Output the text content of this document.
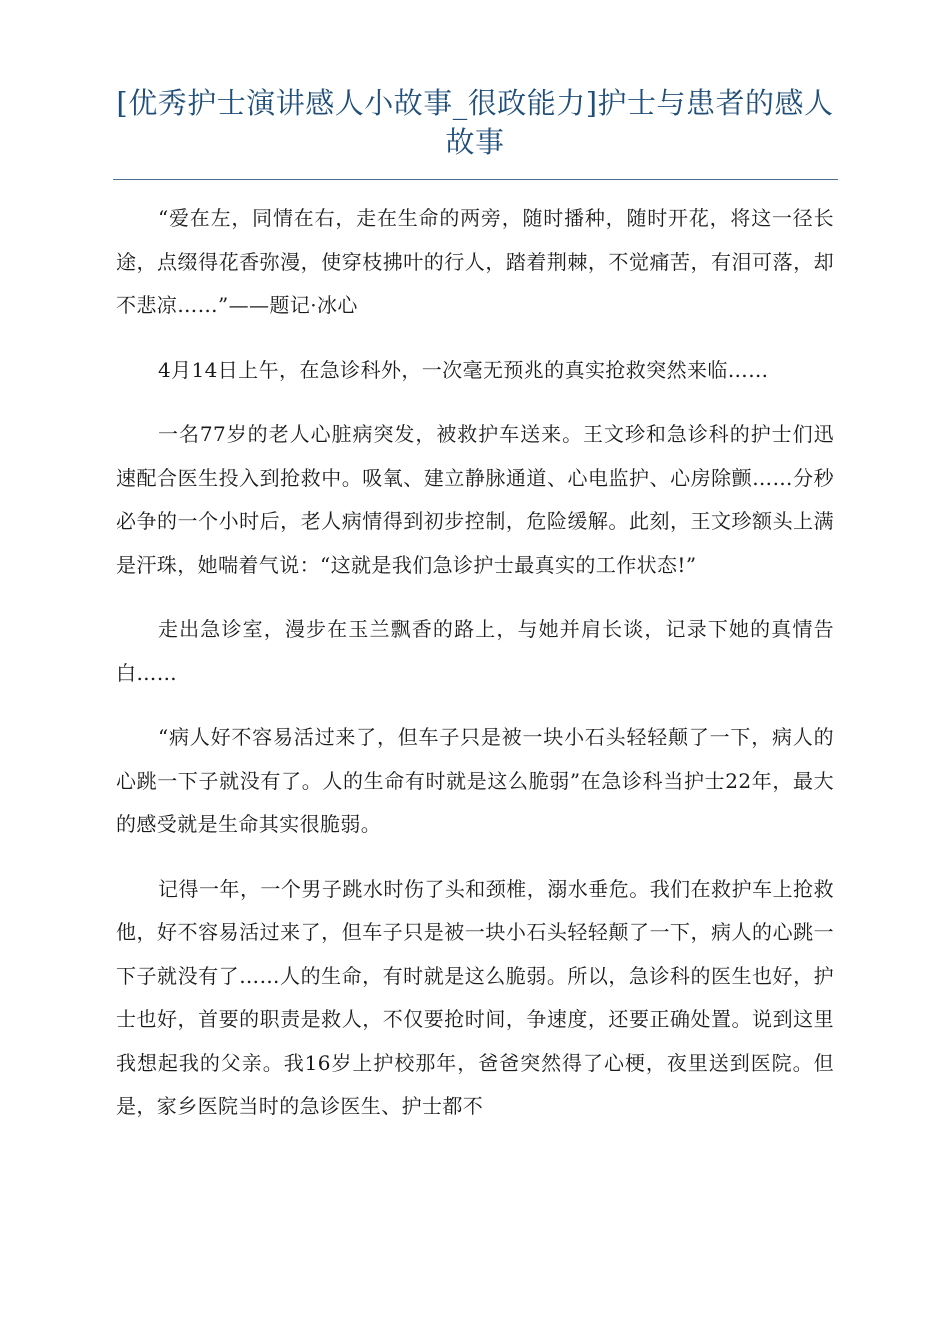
[优秀护士演讲感人小故事_很政能力]护士与患者的感人故事

“爱在左，同情在右，走在生命的两旁，随时播种，随时开花，将这一径长途，点缀得花香弥漫，使穿枝拂叶的行人，踏着荆棘，不觉痛苦，有泪可落，却不悲凉……”——题记·冰心

4月14日上午，在急诊科外，一次毫无预兆的真实抢救突然来临……

一名77岁的老人心脏病突发，被救护车送来。王文珍和急诊科的护士们迅速配合医生投入到抢救中。吸氧、建立静脉通道、心电监护、心房除颤……分秒必争的一个小时后，老人病情得到初步控制，危险缓解。此刻，王文珍额头上满是汗珠，她喘着气说：“这就是我们急诊护士最真实的工作状态!”

走出急诊室，漫步在玉兰飘香的路上，与她并肩长谈，记录下她的真情告白……

“病人好不容易活过来了，但车子只是被一块小石头轻轻颠了一下，病人的心跳一下子就没有了。人的生命有时就是这么脆弱”在急诊科当护士22年，最大的感受就是生命其实很脆弱。

记得一年，一个男子跳水时伤了头和颈椎，溺水垂危。我们在救护车上抢救他，好不容易活过来了，但车子只是被一块小石头轻轻颠了一下，病人的心跳一下子就没有了……人的生命，有时就是这么脆弱。所以，急诊科的医生也好，护士也好，首要的职责是救人，不仅要抢时间，争速度，还要正确处置。说到这里我想起我的父亲。我16岁上护校那年，爸爸突然得了心梗，夜里送到医院。但是，家乡医院当时的急诊医生、护士都不
